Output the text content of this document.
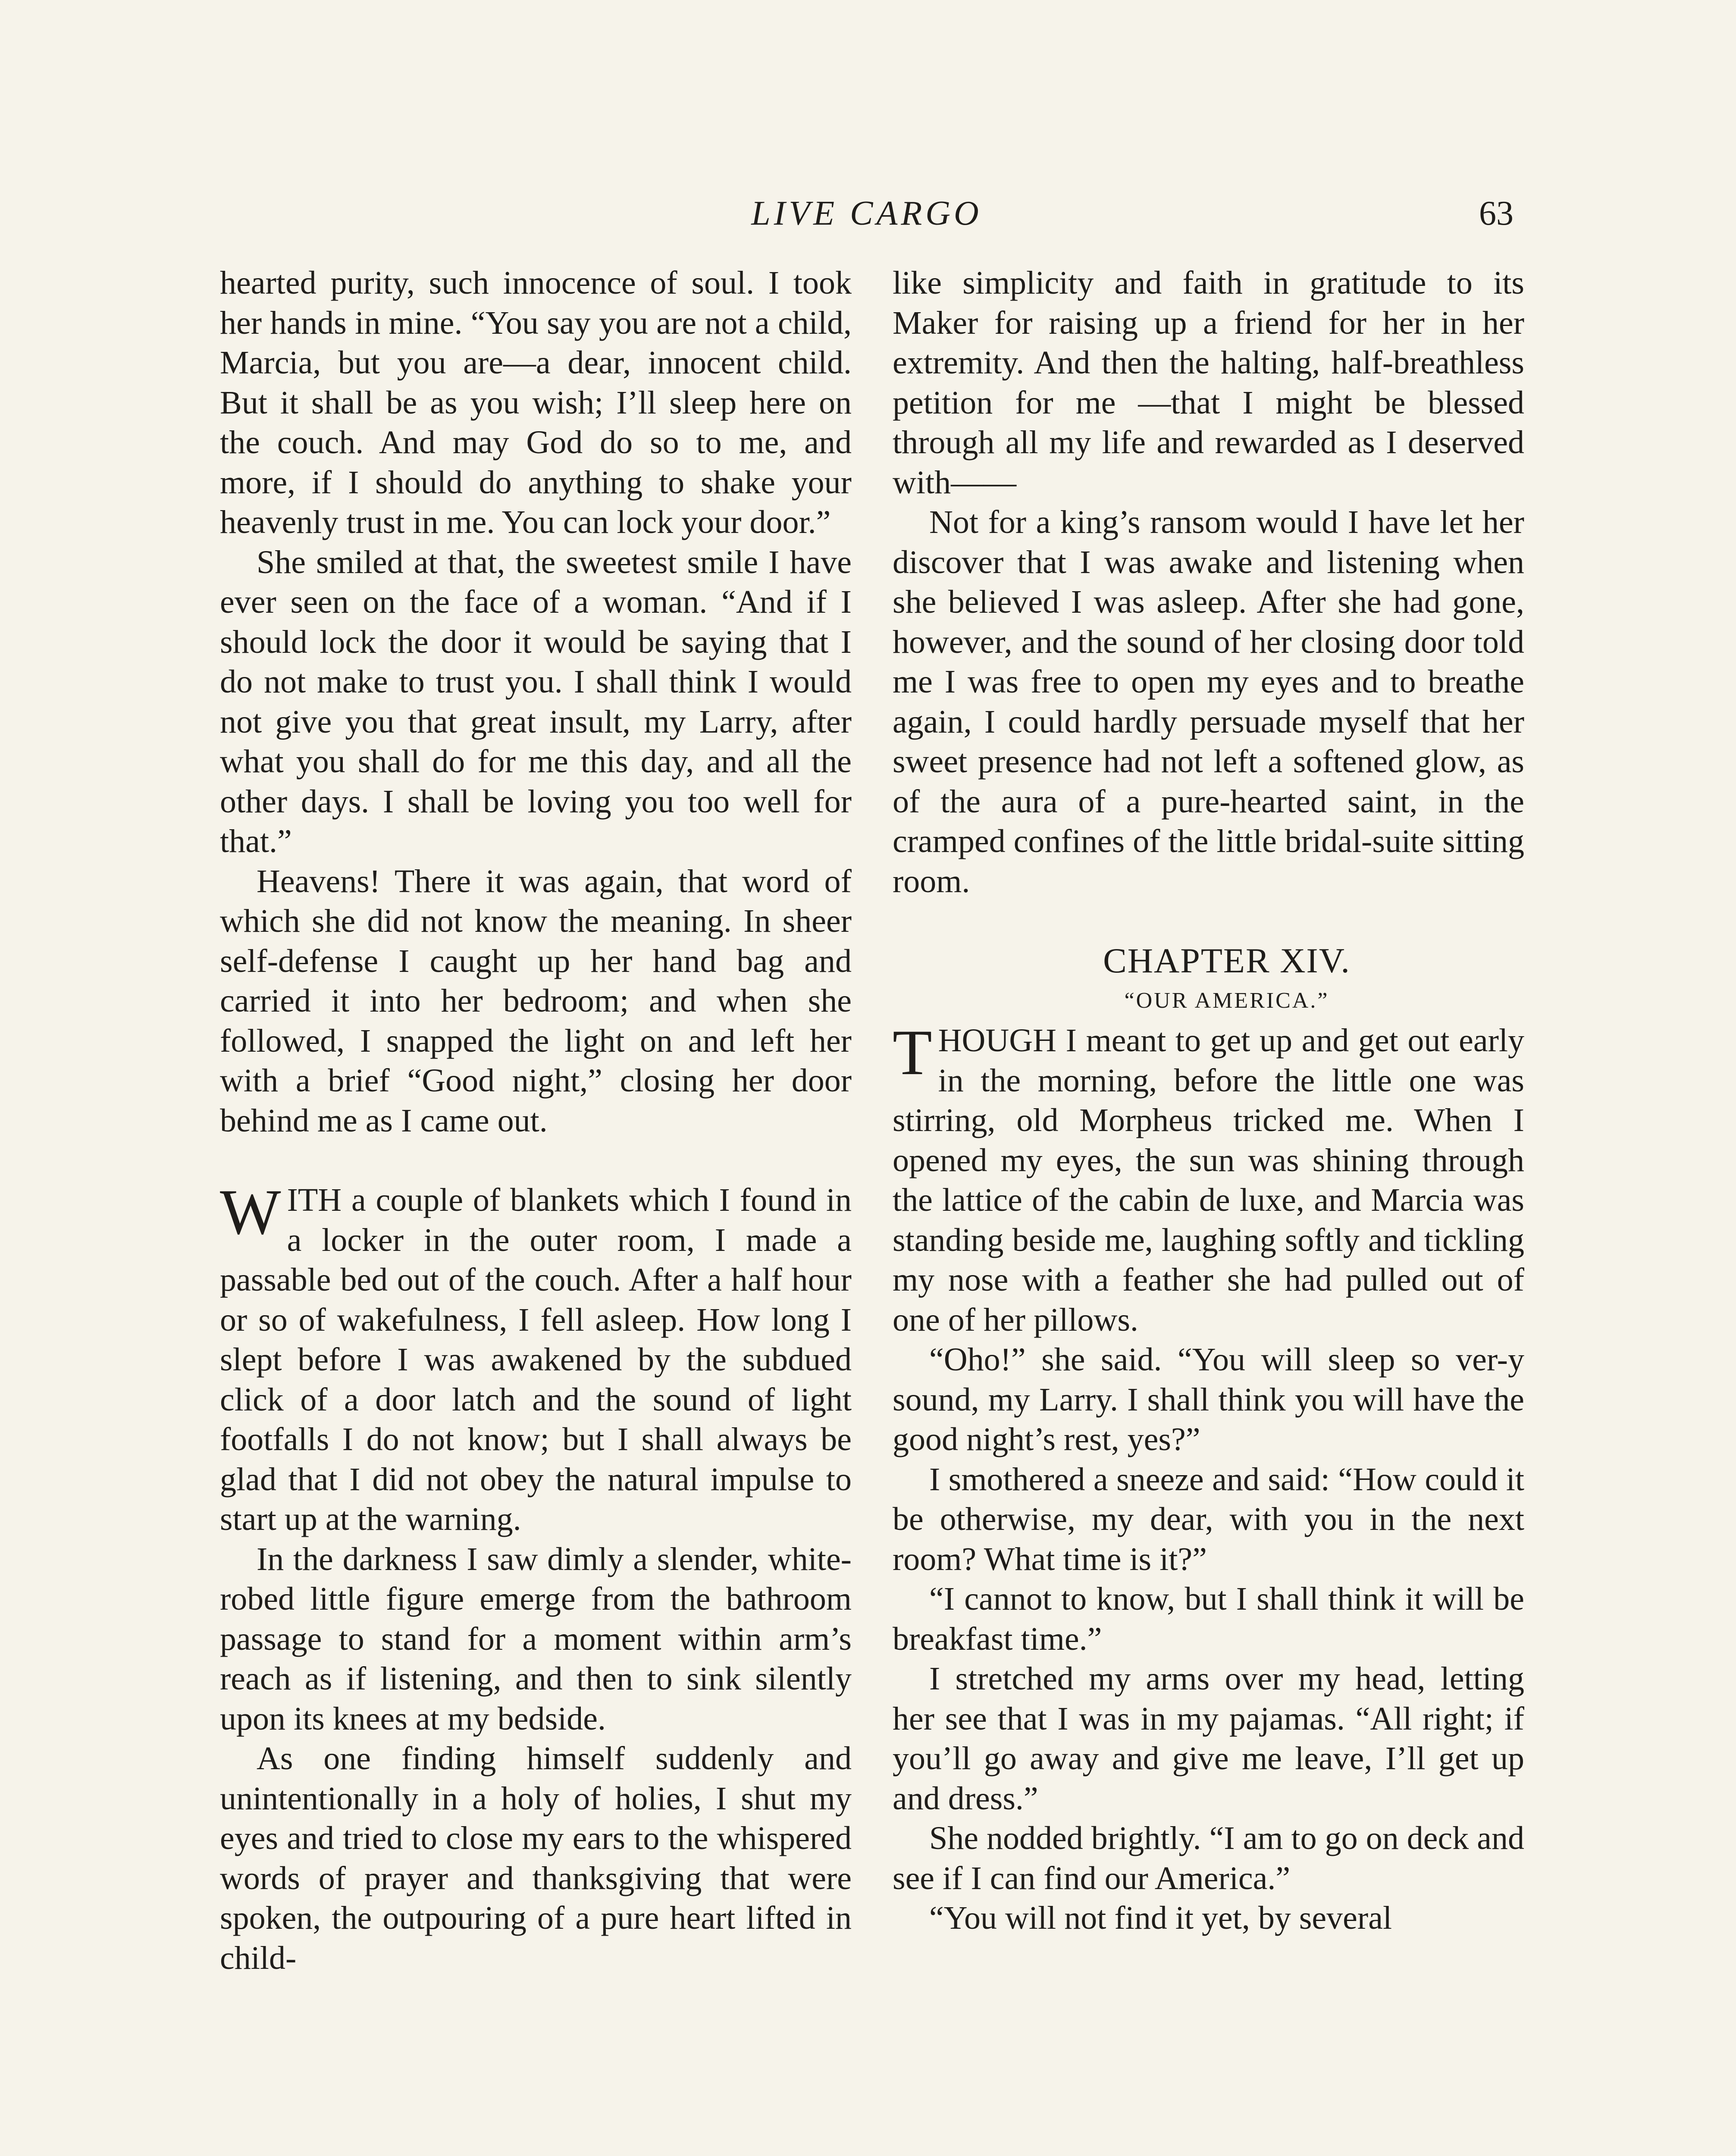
LIVE CARGO	63

hearted purity, such innocence of soul. I took her hands in mine. “You say you are not a child, Marcia, but you are—a dear, innocent child. But it shall be as you wish; I’ll sleep here on the couch. And may God do so to me, and more, if I should do anything to shake your heavenly trust in me. You can lock your door.”

She smiled at that, the sweetest smile I have ever seen on the face of a woman. “And if I should lock the door it would be saying that I do not make to trust you. I shall think I would not give you that great insult, my Larry, after what you shall do for me this day, and all the other days. I shall be loving you too well for that.”

Heavens! There it was again, that word of which she did not know the meaning. In sheer self-defense I caught up her hand bag and carried it into her bedroom; and when she followed, I snapped the light on and left her with a brief “Good night,” closing her door behind me as I came out.

WITH a couple of blankets which I found in a locker in the outer room, I made a passable bed out of the couch. After a half hour or so of wakefulness, I fell asleep. How long I slept before I was awakened by the subdued click of a door latch and the sound of light footfalls I do not know; but I shall always be glad that I did not obey the natural impulse to start up at the warning.

In the darkness I saw dimly a slender, white-robed little figure emerge from the bathroom passage to stand for a moment within arm’s reach as if listening, and then to sink silently upon its knees at my bedside.

As one finding himself suddenly and unintentionally in a holy of holies, I shut my eyes and tried to close my ears to the whispered words of prayer and thanksgiving that were spoken, the outpouring of a pure heart lifted in child-

like simplicity and faith in gratitude to its Maker for raising up a friend for her in her extremity. And then the halting, half-breathless petition for me —that I might be blessed through all my life and rewarded as I deserved with——

Not for a king’s ransom would I have let her discover that I was awake and listening when she believed I was asleep. After she had gone, however, and the sound of her closing door told me I was free to open my eyes and to breathe again, I could hardly persuade myself that her sweet presence had not left a softened glow, as of the aura of a pure-hearted saint, in the cramped confines of the little bridal-suite sitting room.

CHAPTER XIV.

“OUR AMERICA.”

THOUGH I meant to get up and get out early in the morning, before the little one was stirring, old Morpheus tricked me. When I opened my eyes, the sun was shining through the lattice of the cabin de luxe, and Marcia was standing beside me, laughing softly and tickling my nose with a feather she had pulled out of one of her pillows.

“Oho!” she said. “You will sleep so ver-y sound, my Larry. I shall think you will have the good night’s rest, yes?”

I smothered a sneeze and said: “How could it be otherwise, my dear, with you in the next room? What time is it?”

“I cannot to know, but I shall think it will be breakfast time.”

I stretched my arms over my head, letting her see that I was in my pajamas. “All right; if you’ll go away and give me leave, I’ll get up and dress.”

She nodded brightly. “I am to go on deck and see if I can find our America.”

“You will not find it yet, by several
